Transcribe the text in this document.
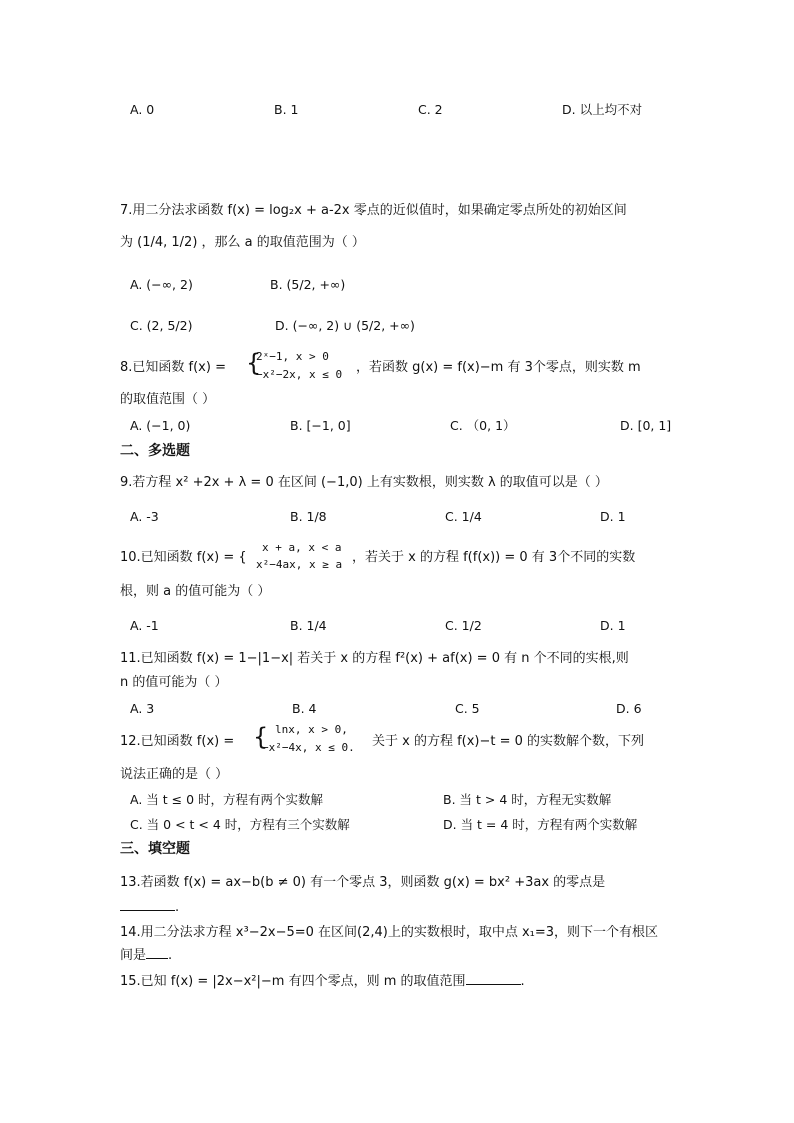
A. 0	B. 1	C. 2	D. 以上均不对
7.用二分法求函数 f(x) = log₂x + a-2x 零点的近似值时，如果确定零点所处的初始区间
为 (1/4, 1/2) ，那么 a 的取值范围为（ ）
A. (−∞, 2)	B. (5/2, +∞)
C. (2, 5/2)	D. (−∞, 2) ∪ (5/2, +∞)
8.已知函数 f(x) = {
2ˣ−1, x > 0
−x²−2x, x ≤ 0 ，若函数 g(x) = f(x)−m 有 3个零点，则实数 m
的取值范围（ ）
A. (−1, 0)	B. [−1, 0]	C. （0, 1）	D. [0, 1]
二、多选题
9.若方程 x² +2x + λ = 0 在区间 (−1,0) 上有实数根，则实数 λ 的取值可以是（ ）
A. -3	B. 1/8	C. 1/4	D. 1
10.已知函数 f(x) = {
x + a, x < a
x²−4ax, x ≥ a ，若关于 x 的方程 f(f(x)) = 0 有 3个不同的实数
根，则 a 的值可能为（ ）
A. -1	B. 1/4	C. 1/2	D. 1
11.已知函数 f(x) = 1−|1−x| 若关于 x 的方程 f²(x) + af(x) = 0 有 n 个不同的实根,则
n 的值可能为（ ）
A. 3	B. 4	C. 5	D. 6
12.已知函数 f(x) = { lnx, x > 0,
−x²−4x, x ≤ 0. 关于 x 的方程 f(x)−t = 0 的实数解个数，下列
说法正确的是（ ）
A. 当 t ≤ 0 时，方程有两个实数解	B. 当 t > 4 时，方程无实数解
C. 当 0 < t < 4 时，方程有三个实数解	D. 当 t = 4 时，方程有两个实数解
三、填空题
13.若函数 f(x) = ax−b(b ≠ 0) 有一个零点 3，则函数 g(x) = bx² +3ax 的零点是
.
14.用二分法求方程 x³−2x−5=0 在区间(2,4)上的实数根时，取中点 x₁=3，则下一个有根区
间是 .
15.已知 f(x) = |2x−x²|−m 有四个零点，则 m 的取值范围	.
